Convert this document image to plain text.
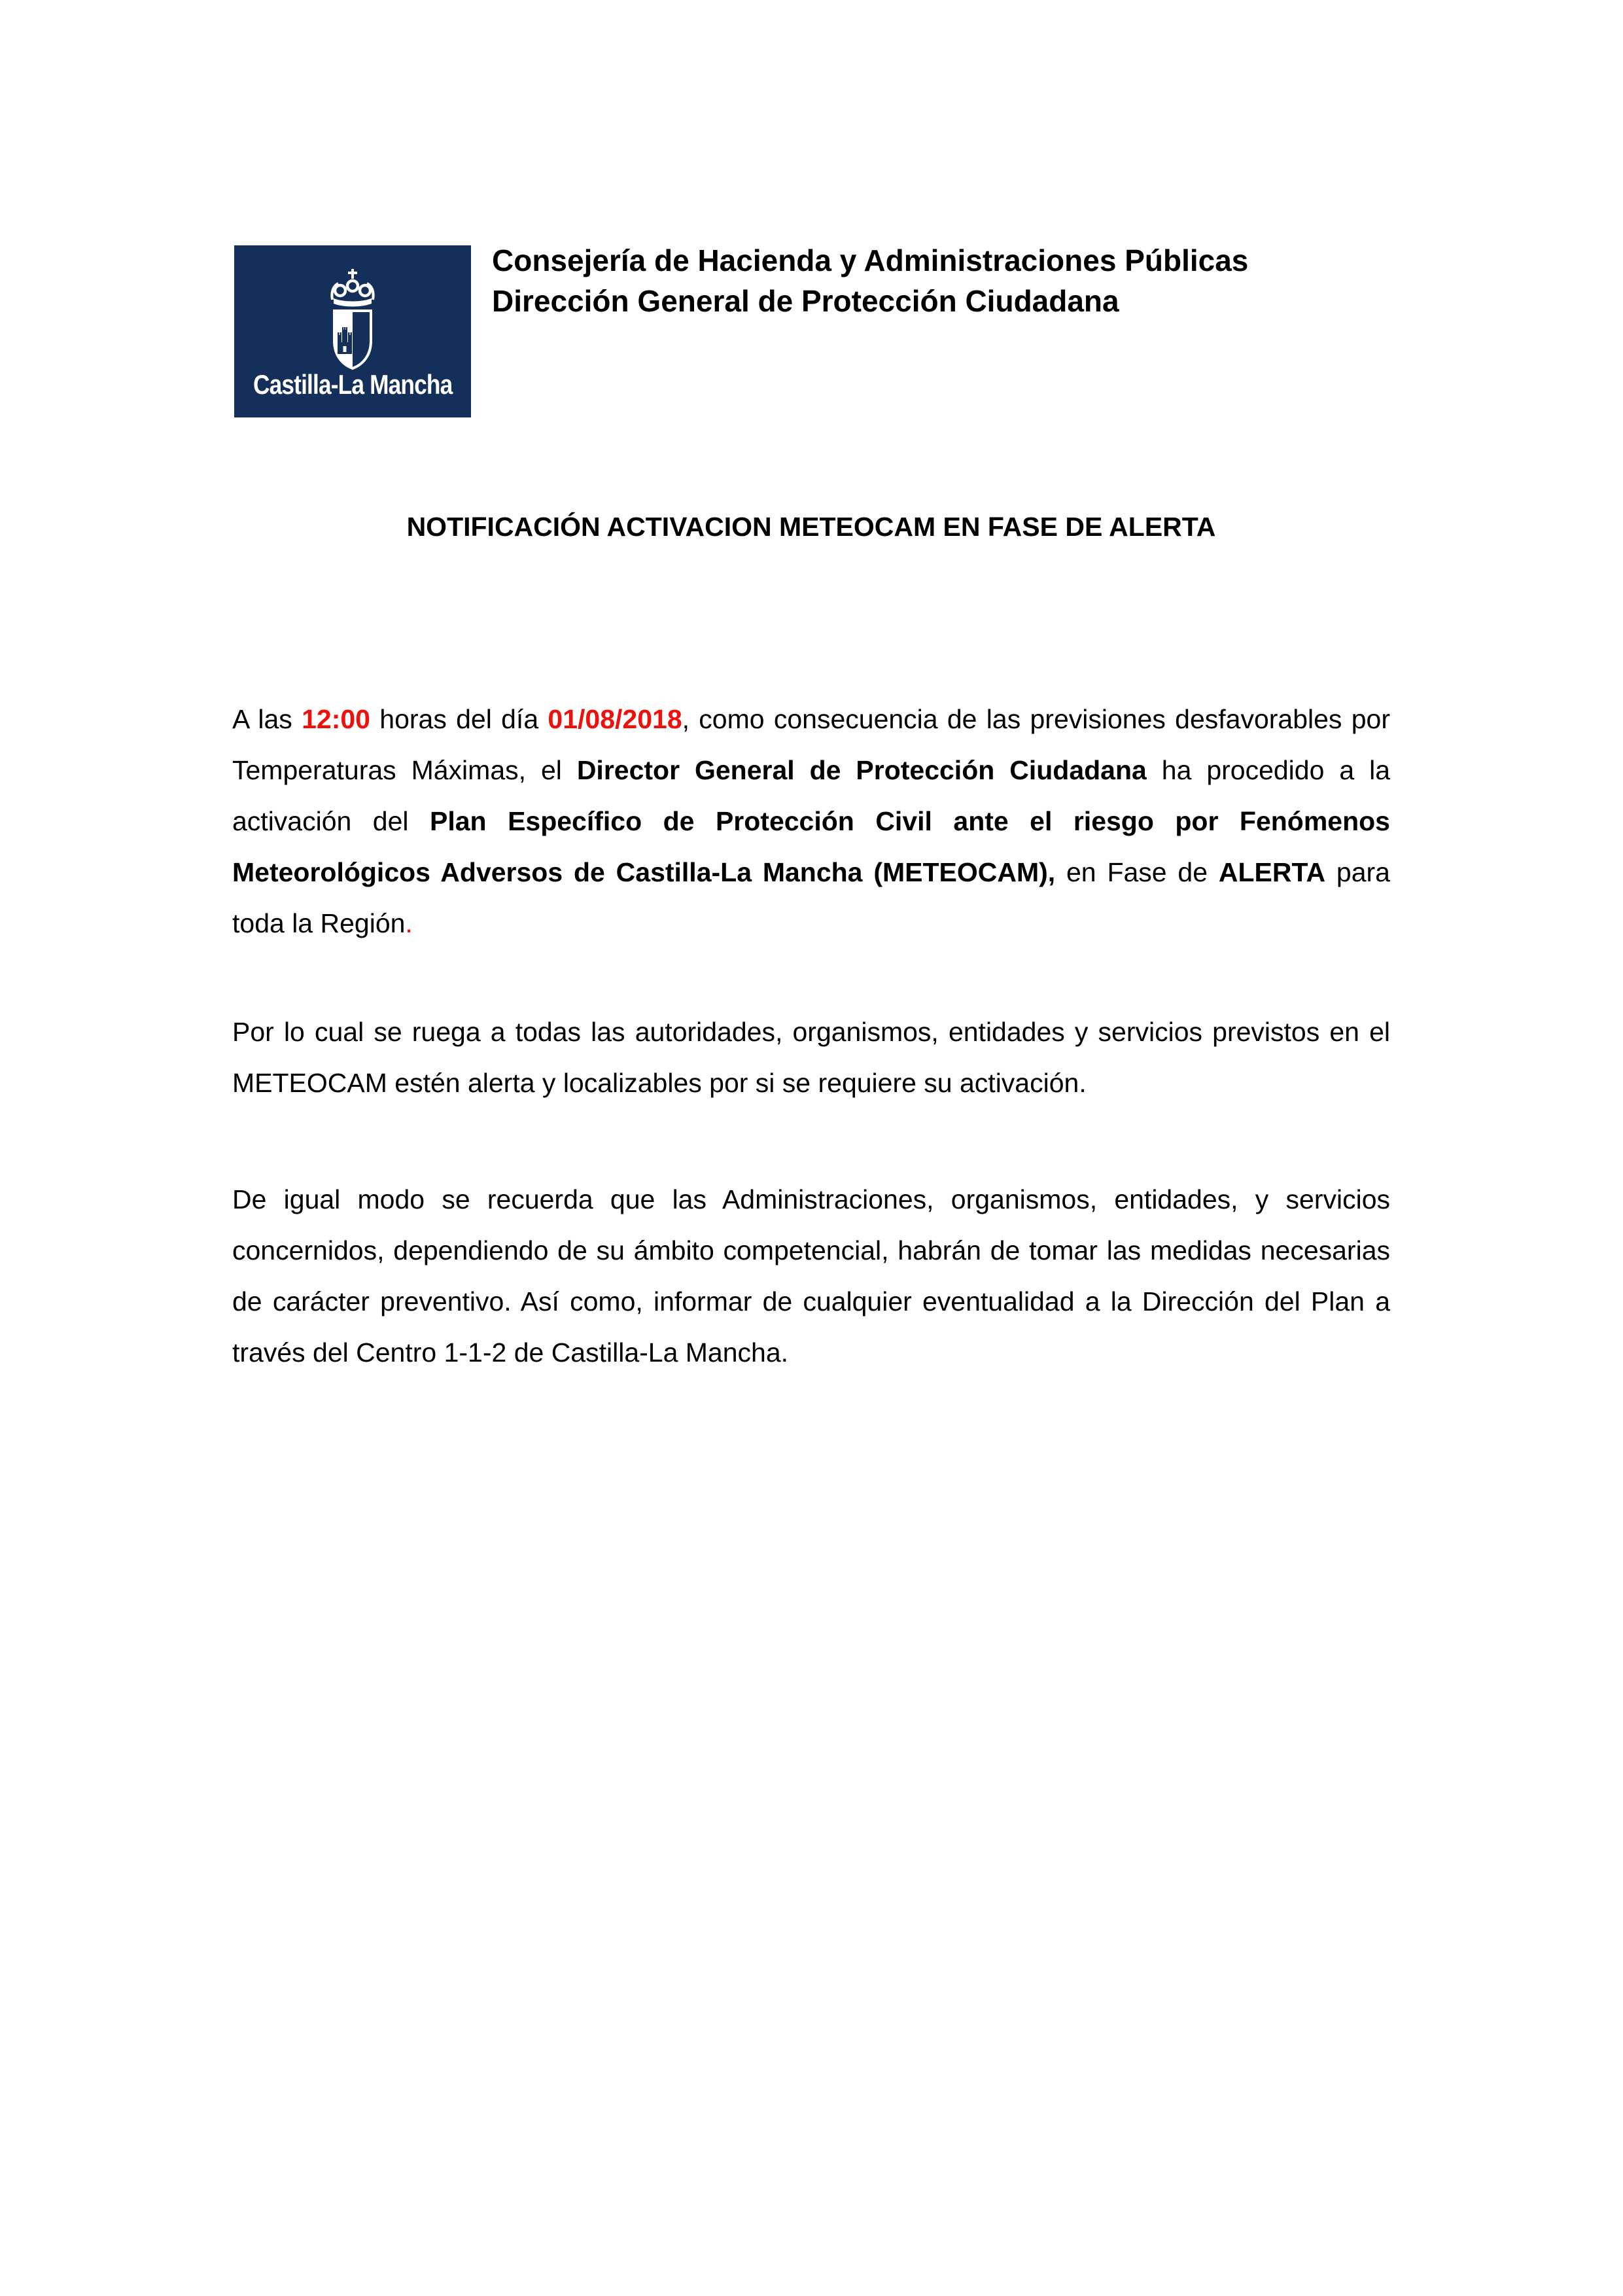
Castilla-La Mancha
Consejería de Hacienda y Administraciones Públicas
Dirección General de Protección Ciudadana
NOTIFICACIÓN ACTIVACION METEOCAM EN FASE DE ALERTA

A las 12:00 horas del día 01/08/2018, como consecuencia de las previsiones desfavorables por Temperaturas Máximas, el Director General de Protección Ciudadana ha procedido a la activación del Plan Específico de Protección Civil ante el riesgo por Fenómenos Meteorológicos Adversos de Castilla-La Mancha (METEOCAM), en Fase de ALERTA para toda la Región.

Por lo cual se ruega a todas las autoridades, organismos, entidades y servicios previstos en el METEOCAM estén alerta y localizables por si se requiere su activación.

De igual modo se recuerda que las Administraciones, organismos, entidades, y servicios concernidos, dependiendo de su ámbito competencial, habrán de tomar las medidas necesarias de carácter preventivo. Así como, informar de cualquier eventualidad a la Dirección del Plan a través del Centro 1-1-2 de Castilla-La Mancha.
